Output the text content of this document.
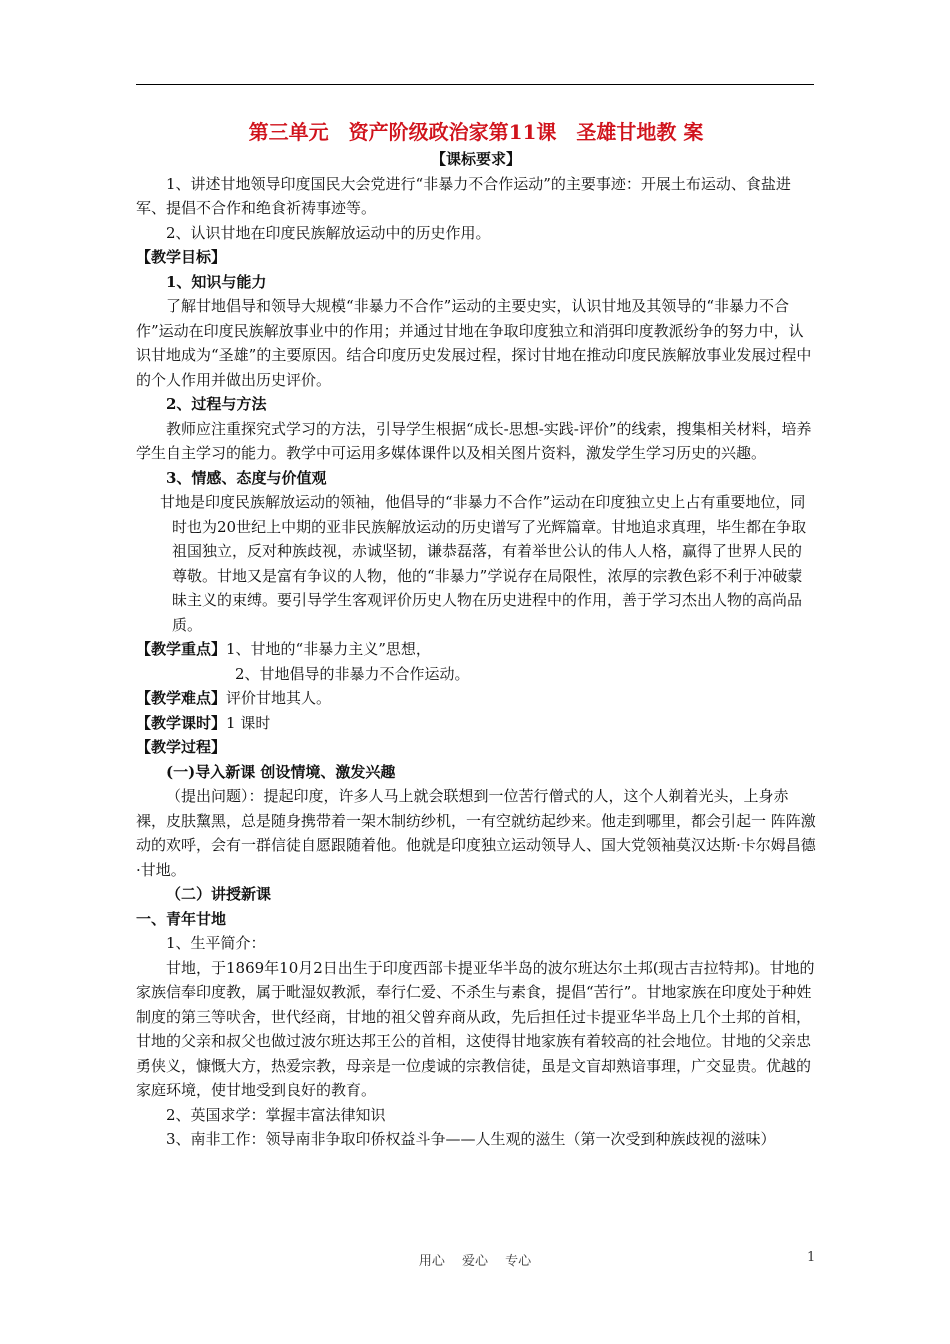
第三单元　资产阶级政治家第11课　圣雄甘地教 案

【课标要求】

1、讲述甘地领导印度国民大会党进行“非暴力不合作运动”的主要事迹：开展土布运动、食盐进军、提倡不合作和绝食祈祷事迹等。

2、认识甘地在印度民族解放运动中的历史作用。

【教学目标】

1、知识与能力

了解甘地倡导和领导大规模“非暴力不合作”运动的主要史实，认识甘地及其领导的“非暴力不合作”运动在印度民族解放事业中的作用；并通过甘地在争取印度独立和消弭印度教派纷争的努力中，认识甘地成为“圣雄”的主要原因。结合印度历史发展过程，探讨甘地在推动印度民族解放事业发展过程中的个人作用并做出历史评价。

2、过程与方法

教师应注重探究式学习的方法，引导学生根据“成长-思想-实践-评价”的线索，搜集相关材料，培养学生自主学习的能力。教学中可运用多媒体课件以及相关图片资料，激发学生学习历史的兴趣。

3、情感、态度与价值观

甘地是印度民族解放运动的领袖，他倡导的“非暴力不合作”运动在印度独立史上占有重要地位，同时也为20世纪上中期的亚非民族解放运动的历史谱写了光辉篇章。甘地追求真理，毕生都在争取祖国独立，反对种族歧视，赤诚坚韧，谦恭磊落，有着举世公认的伟人人格，赢得了世界人民的尊敬。甘地又是富有争议的人物，他的“非暴力”学说存在局限性，浓厚的宗教色彩不利于冲破蒙昧主义的束缚。要引导学生客观评价历史人物在历史进程中的作用，善于学习杰出人物的高尚品质。

【教学重点】1、甘地的“非暴力主义”思想，

2、甘地倡导的非暴力不合作运动。

【教学难点】评价甘地其人。

【教学课时】1 课时

【教学过程】

(一)导入新课 创设情境、激发兴趣

（提出问题）：提起印度，许多人马上就会联想到一位苦行僧式的人，这个人剃着光头，上身赤裸，皮肤黧黑，总是随身携带着一架木制纺纱机，一有空就纺起纱来。他走到哪里，都会引起一 阵阵激动的欢呼，会有一群信徒自愿跟随着他。他就是印度独立运动领导人、国大党领袖莫汉达斯·卡尔姆昌德·甘地。

（二）讲授新课

一、青年甘地

1、生平简介：

甘地，于1869年10月2日出生于印度西部卡提亚华半岛的波尔班达尔土邦(现古吉拉特邦)。甘地的家族信奉印度教，属于毗湿奴教派，奉行仁爱、不杀生与素食，提倡“苦行”。甘地家族在印度处于种姓制度的第三等吠舍，世代经商，甘地的祖父曾弃商从政，先后担任过卡提亚华半岛上几个土邦的首相，甘地的父亲和叔父也做过波尔班达邦王公的首相，这使得甘地家族有着较高的社会地位。甘地的父亲忠勇侠义，慷慨大方，热爱宗教，母亲是一位虔诚的宗教信徒，虽是文盲却熟谙事理，广交显贵。优越的家庭环境，使甘地受到良好的教育。

2、英国求学：掌握丰富法律知识

3、南非工作：领导南非争取印侨权益斗争——人生观的滋生（第一次受到种族歧视的滋味）

用心　 爱心　 专心	1
